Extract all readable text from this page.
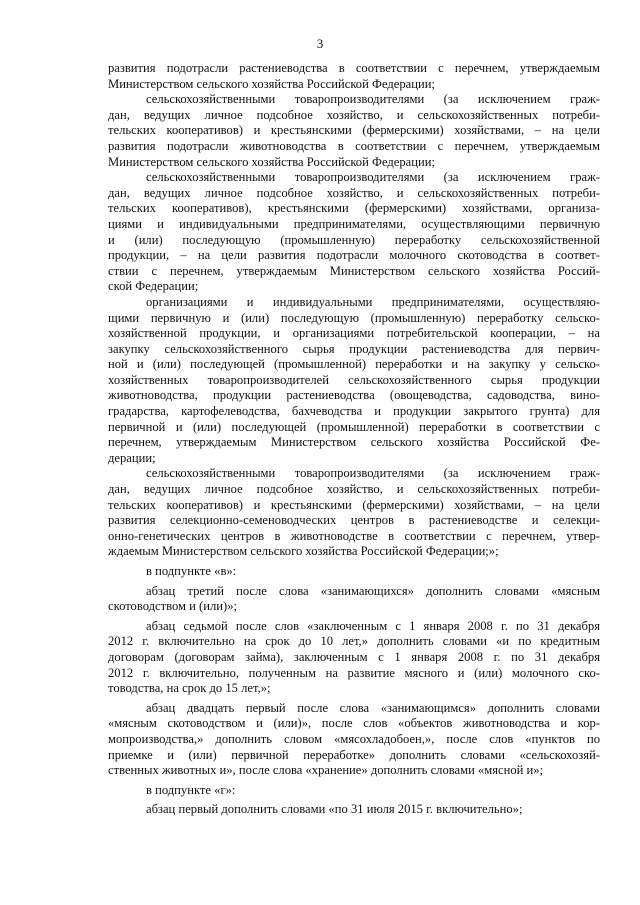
3
развития подотрасли растениеводства в соответствии с перечнем, утверждаемым
Министерством сельского хозяйства Российской Федерации;
сельскохозяйственными товаропроизводителями (за исключением граж-
дан, ведущих личное подсобное хозяйство, и сельскохозяйственных потреби-
тельских кооперативов) и крестьянскими (фермерскими) хозяйствами, – на цели
развития подотрасли животноводства в соответствии с перечнем, утверждаемым
Министерством сельского хозяйства Российской Федерации;
сельскохозяйственными товаропроизводителями (за исключением граж-
дан, ведущих личное подсобное хозяйство, и сельскохозяйственных потреби-
тельских кооперативов), крестьянскими (фермерскими) хозяйствами, организа-
циями и индивидуальными предпринимателями, осуществляющими первичную
и (или) последующую (промышленную) переработку сельскохозяйственной
продукции, – на цели развития подотрасли молочного скотоводства в соответ-
ствии с перечнем, утверждаемым Министерством сельского хозяйства Россий-
ской Федерации;
организациями и индивидуальными предпринимателями, осуществляю-
щими первичную и (или) последующую (промышленную) переработку сельско-
хозяйственной продукции, и организациями потребительской кооперации, – на
закупку сельскохозяйственного сырья продукции растениеводства для первич-
ной и (или) последующей (промышленной) переработки и на закупку у сельско-
хозяйственных товаропроизводителей сельскохозяйственного сырья продукции
животноводства, продукции растениеводства (овощеводства, садоводства, вино-
градарства, картофелеводства, бахчеводства и продукции закрытого грунта) для
первичной и (или) последующей (промышленной) переработки в соответствии с
перечнем, утверждаемым Министерством сельского хозяйства Российской Фе-
дерации;
сельскохозяйственными товаропроизводителями (за исключением граж-
дан, ведущих личное подсобное хозяйство, и сельскохозяйственных потреби-
тельских кооперативов) и крестьянскими (фермерскими) хозяйствами, – на цели
развития селекционно-семеноводческих центров в растениеводстве и селекци-
онно-генетических центров в животноводстве в соответствии с перечнем, утвер-
ждаемым Министерством сельского хозяйства Российской Федерации;»;
в подпункте «в»:
абзац третий после слова «занимающихся» дополнить словами «мясным
скотоводством и (или)»;
абзац седьмой после слов «заключенным с 1 января 2008 г. по 31 декабря
2012 г. включительно на срок до 10 лет,» дополнить словами «и по кредитным
договорам (договорам займа), заключенным с 1 января 2008 г. по 31 декабря
2012 г. включительно, полученным на развитие мясного и (или) молочного ско-
товодства, на срок до 15 лет,»;
абзац двадцать первый после слова «занимающимся» дополнить словами
«мясным скотоводством и (или)», после слов «объектов животноводства и кор-
мопроизводства,» дополнить словом «мясохладобоен,», после слов «пунктов по
приемке и (или) первичной переработке» дополнить словами «сельскохозяй-
ственных животных и», после слова «хранение» дополнить словами «мясной и»;
в подпункте «г»:
абзац первый дополнить словами «по 31 июля 2015 г. включительно»;
